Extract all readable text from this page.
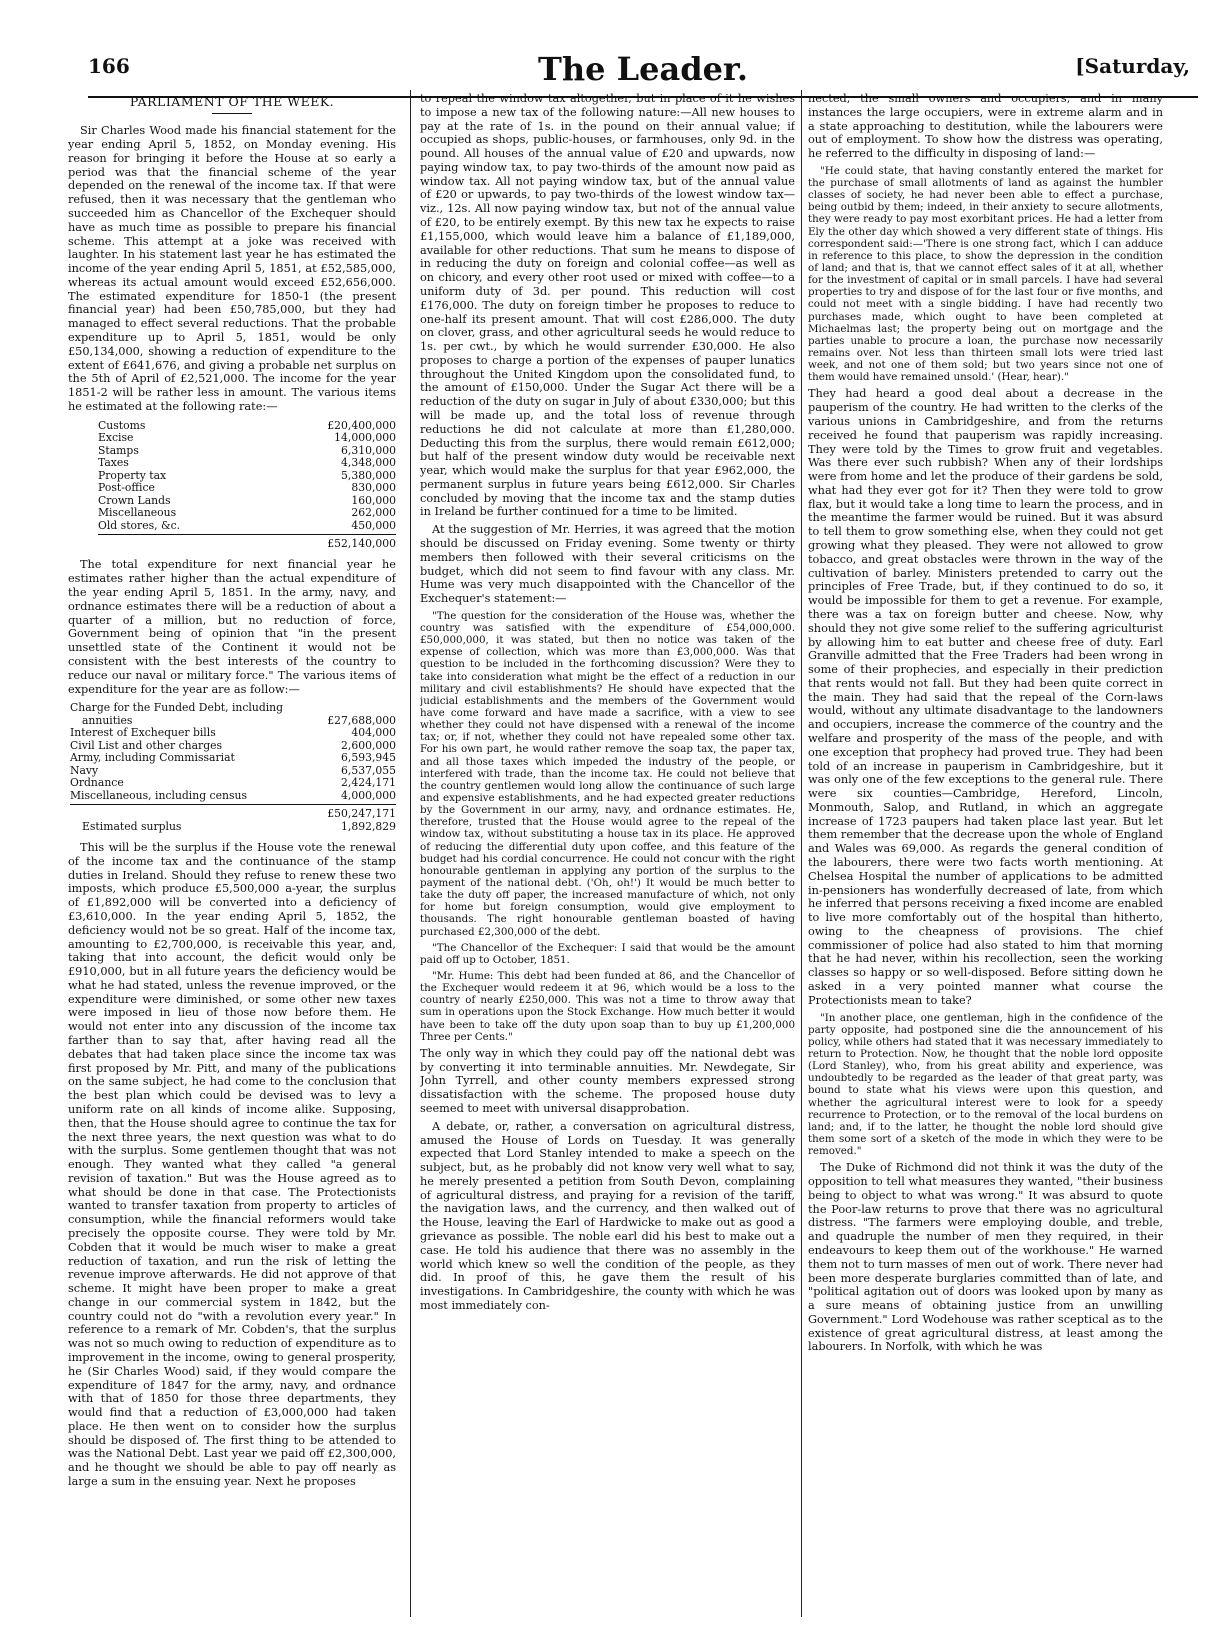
166	The Leader.	[Saturday,
PARLIAMENT OF THE WEEK.

Sir Charles Wood made his financial statement for the year ending April 5, 1852, on Monday evening. His reason for bringing it before the House at so early a period was that the financial scheme of the year depended on the renewal of the income tax. If that were refused, then it was necessary that the gentleman who succeeded him as Chancellor of the Exchequer should have as much time as possible to prepare his financial scheme. This attempt at a joke was received with laughter. In his statement last year he has estimated the income of the year ending April 5, 1851, at £52,585,000, whereas its actual amount would exceed £52,656,000. The estimated expenditure for 1850-1 (the present financial year) had been £50,785,000, but they had managed to effect several reductions. That the probable expenditure up to April 5, 1851, would be only £50,134,000, showing a reduction of expenditure to the extent of £641,676, and giving a probable net surplus on the 5th of April of £2,521,000. The income for the year 1851-2 will be rather less in amount. The various items he estimated at the following rate:—

Customs	£20,400,000
Excise	14,000,000
Stamps	6,310,000
Taxes	4,348,000
Property tax	5,380,000
Post-office	830,000
Crown Lands	160,000
Miscellaneous	262,000
Old stores, &c.	450,000
£52,140,000

The total expenditure for next financial year he estimates rather higher than the actual expenditure of the year ending April 5, 1851. In the army, navy, and ordnance estimates there will be a reduction of about a quarter of a million, but no reduction of force, Government being of opinion that "in the present unsettled state of the Continent it would not be consistent with the best interests of the country to reduce our naval or military force." The various items of expenditure for the year are as follow:—

Charge for the Funded Debt, including
annuities	£27,688,000
Interest of Exchequer bills	404,000
Civil List and other charges	2,600,000
Army, including Commissariat	6,593,945
Navy	6,537,055
Ordnance	2,424,171
Miscellaneous, including census	4,000,000
£50,247,171
Estimated surplus	1,892,829

This will be the surplus if the House vote the renewal of the income tax and the continuance of the stamp duties in Ireland. Should they refuse to renew these two imposts, which produce £5,500,000 a-year, the surplus of £1,892,000 will be converted into a deficiency of £3,610,000. In the year ending April 5, 1852, the deficiency would not be so great. Half of the income tax, amounting to £2,700,000, is receivable this year, and, taking that into account, the deficit would only be £910,000, but in all future years the deficiency would be what he had stated, unless the revenue improved, or the expenditure were diminished, or some other new taxes were imposed in lieu of those now before them. He would not enter into any discussion of the income tax farther than to say that, after having read all the debates that had taken place since the income tax was first proposed by Mr. Pitt, and many of the publications on the same subject, he had come to the conclusion that the best plan which could be devised was to levy a uniform rate on all kinds of income alike. Supposing, then, that the House should agree to continue the tax for the next three years, the next question was what to do with the surplus. Some gentlemen thought that was not enough. They wanted what they called "a general revision of taxation." But was the House agreed as to what should be done in that case. The Protectionists wanted to transfer taxation from property to articles of consumption, while the financial reformers would take precisely the opposite course. They were told by Mr. Cobden that it would be much wiser to make a great reduction of taxation, and run the risk of letting the revenue improve afterwards. He did not approve of that scheme. It might have been proper to make a great change in our commercial system in 1842, but the country could not do "with a revolution every year." In reference to a remark of Mr. Cobden's, that the surplus was not so much owing to reduction of expenditure as to improvement in the income, owing to general prosperity, he (Sir Charles Wood) said, if they would compare the expenditure of 1847 for the army, navy, and ordnance with that of 1850 for those three departments, they would find that a reduction of £3,000,000 had taken place. He then went on to consider how the surplus should be disposed of. The first thing to be attended to was the National Debt. Last year we paid off £2,300,000, and he thought we should be able to pay off nearly as large a sum in the ensuing year. Next he proposes

to repeal the window tax altogether, but in place of it he wishes to impose a new tax of the following nature:—All new houses to pay at the rate of 1s. in the pound on their annual value; if occupied as shops, public-houses, or farmhouses, only 9d. in the pound. All houses of the annual value of £20 and upwards, now paying window tax, to pay two-thirds of the amount now paid as window tax. All not paying window tax, but of the annual value of £20 or upwards, to pay two-thirds of the lowest window tax—viz., 12s. All now paying window tax, but not of the annual value of £20, to be entirely exempt. By this new tax he expects to raise £1,155,000, which would leave him a balance of £1,189,000, available for other reductions. That sum he means to dispose of in reducing the duty on foreign and colonial coffee—as well as on chicory, and every other root used or mixed with coffee—to a uniform duty of 3d. per pound. This reduction will cost £176,000. The duty on foreign timber he proposes to reduce to one-half its present amount. That will cost £286,000. The duty on clover, grass, and other agricultural seeds he would reduce to 1s. per cwt., by which he would surrender £30,000. He also proposes to charge a portion of the expenses of pauper lunatics throughout the United Kingdom upon the consolidated fund, to the amount of £150,000. Under the Sugar Act there will be a reduction of the duty on sugar in July of about £330,000; but this will be made up, and the total loss of revenue through reductions he did not calculate at more than £1,280,000. Deducting this from the surplus, there would remain £612,000; but half of the present window duty would be receivable next year, which would make the surplus for that year £962,000, the permanent surplus in future years being £612,000. Sir Charles concluded by moving that the income tax and the stamp duties in Ireland be further continued for a time to be limited.

At the suggestion of Mr. Herries, it was agreed that the motion should be discussed on Friday evening. Some twenty or thirty members then followed with their several criticisms on the budget, which did not seem to find favour with any class. Mr. Hume was very much disappointed with the Chancellor of the Exchequer's statement:—

"The question for the consideration of the House was, whether the country was satisfied with the expenditure of £54,000,000. £50,000,000, it was stated, but then no notice was taken of the expense of collection, which was more than £3,000,000. Was that question to be included in the forthcoming discussion? Were they to take into consideration what might be the effect of a reduction in our military and civil establishments? He should have expected that the judicial establishments and the members of the Government would have come forward and have made a sacrifice, with a view to see whether they could not have dispensed with a renewal of the income tax; or, if not, whether they could not have repealed some other tax. For his own part, he would rather remove the soap tax, the paper tax, and all those taxes which impeded the industry of the people, or interfered with trade, than the income tax. He could not believe that the country gentlemen would long allow the continuance of such large and expensive establishments, and he had expected greater reductions by the Government in our army, navy, and ordnance estimates. He, therefore, trusted that the House would agree to the repeal of the window tax, without substituting a house tax in its place. He approved of reducing the differential duty upon coffee, and this feature of the budget had his cordial concurrence. He could not concur with the right honourable gentleman in applying any portion of the surplus to the payment of the national debt. ('Oh, oh!') It would be much better to take the duty off paper, the increased manufacture of which, not only for home but foreign consumption, would give employment to thousands. The right honourable gentleman boasted of having purchased £2,300,000 of the debt.

"The Chancellor of the Exchequer: I said that would be the amount paid off up to October, 1851.

"Mr. Hume: This debt had been funded at 86, and the Chancellor of the Exchequer would redeem it at 96, which would be a loss to the country of nearly £250,000. This was not a time to throw away that sum in operations upon the Stock Exchange. How much better it would have been to take off the duty upon soap than to buy up £1,200,000 Three per Cents."

The only way in which they could pay off the national debt was by converting it into terminable annuities. Mr. Newdegate, Sir John Tyrrell, and other county members expressed strong dissatisfaction with the scheme. The proposed house duty seemed to meet with universal disapprobation.

A debate, or, rather, a conversation on agricultural distress, amused the House of Lords on Tuesday. It was generally expected that Lord Stanley intended to make a speech on the subject, but, as he probably did not know very well what to say, he merely presented a petition from South Devon, complaining of agricultural distress, and praying for a revision of the tariff, the navigation laws, and the currency, and then walked out of the House, leaving the Earl of Hardwicke to make out as good a grievance as possible. The noble earl did his best to make out a case. He told his audience that there was no assembly in the world which knew so well the condition of the people, as they did. In proof of this, he gave them the result of his investigations. In Cambridgeshire, the county with which he was most immediately con-

nected, the small owners and occupiers, and in many instances the large occupiers, were in extreme alarm and in a state approaching to destitution, while the labourers were out of employment. To show how the distress was operating, he referred to the difficulty in disposing of land:—

"He could state, that having constantly entered the market for the purchase of small allotments of land as against the humbler classes of society, he had never been able to effect a purchase, being outbid by them; indeed, in their anxiety to secure allotments, they were ready to pay most exorbitant prices. He had a letter from Ely the other day which showed a very different state of things. His correspondent said:—'There is one strong fact, which I can adduce in reference to this place, to show the depression in the condition of land; and that is, that we cannot effect sales of it at all, whether for the investment of capital or in small parcels. I have had several properties to try and dispose of for the last four or five months, and could not meet with a single bidding. I have had recently two purchases made, which ought to have been completed at Michaelmas last; the property being out on mortgage and the parties unable to procure a loan, the purchase now necessarily remains over. Not less than thirteen small lots were tried last week, and not one of them sold; but two years since not one of them would have remained unsold.' (Hear, hear)."

They had heard a good deal about a decrease in the pauperism of the country. He had written to the clerks of the various unions in Cambridgeshire, and from the returns received he found that pauperism was rapidly increasing. They were told by the Times to grow fruit and vegetables. Was there ever such rubbish? When any of their lordships were from home and let the produce of their gardens be sold, what had they ever got for it? Then they were told to grow flax, but it would take a long time to learn the process, and in the meantime the farmer would be ruined. But it was absurd to tell them to grow something else, when they could not get growing what they pleased. They were not allowed to grow tobacco, and great obstacles were thrown in the way of the cultivation of barley. Ministers pretended to carry out the principles of Free Trade, but, if they continued to do so, it would be impossible for them to get a revenue. For example, there was a tax on foreign butter and cheese. Now, why should they not give some relief to the suffering agriculturist by allowing him to eat butter and cheese free of duty. Earl Granville admitted that the Free Traders had been wrong in some of their prophecies, and especially in their prediction that rents would not fall. But they had been quite correct in the main. They had said that the repeal of the Corn-laws would, without any ultimate disadvantage to the landowners and occupiers, increase the commerce of the country and the welfare and prosperity of the mass of the people, and with one exception that prophecy had proved true. They had been told of an increase in pauperism in Cambridgeshire, but it was only one of the few exceptions to the general rule. There were six counties—Cambridge, Hereford, Lincoln, Monmouth, Salop, and Rutland, in which an aggregate increase of 1723 paupers had taken place last year. But let them remember that the decrease upon the whole of England and Wales was 69,000. As regards the general condition of the labourers, there were two facts worth mentioning. At Chelsea Hospital the number of applications to be admitted in-pensioners has wonderfully decreased of late, from which he inferred that persons receiving a fixed income are enabled to live more comfortably out of the hospital than hitherto, owing to the cheapness of provisions. The chief commissioner of police had also stated to him that morning that he had never, within his recollection, seen the working classes so happy or so well-disposed. Before sitting down he asked in a very pointed manner what course the Protectionists mean to take?

"In another place, one gentleman, high in the confidence of the party opposite, had postponed sine die the announcement of his policy, while others had stated that it was necessary immediately to return to Protection. Now, he thought that the noble lord opposite (Lord Stanley), who, from his great ability and experience, was undoubtedly to be regarded as the leader of that great party, was bound to state what his views were upon this question, and whether the agricultural interest were to look for a speedy recurrence to Protection, or to the removal of the local burdens on land; and, if to the latter, he thought the noble lord should give them some sort of a sketch of the mode in which they were to be removed."

The Duke of Richmond did not think it was the duty of the opposition to tell what measures they wanted, "their business being to object to what was wrong." It was absurd to quote the Poor-law returns to prove that there was no agricultural distress. "The farmers were employing double, and treble, and quadruple the number of men they required, in their endeavours to keep them out of the workhouse." He warned them not to turn masses of men out of work. There never had been more desperate burglaries committed than of late, and "political agitation out of doors was looked upon by many as a sure means of obtaining justice from an unwilling Government." Lord Wodehouse was rather sceptical as to the existence of great agricultural distress, at least among the labourers. In Norfolk, with which he was
